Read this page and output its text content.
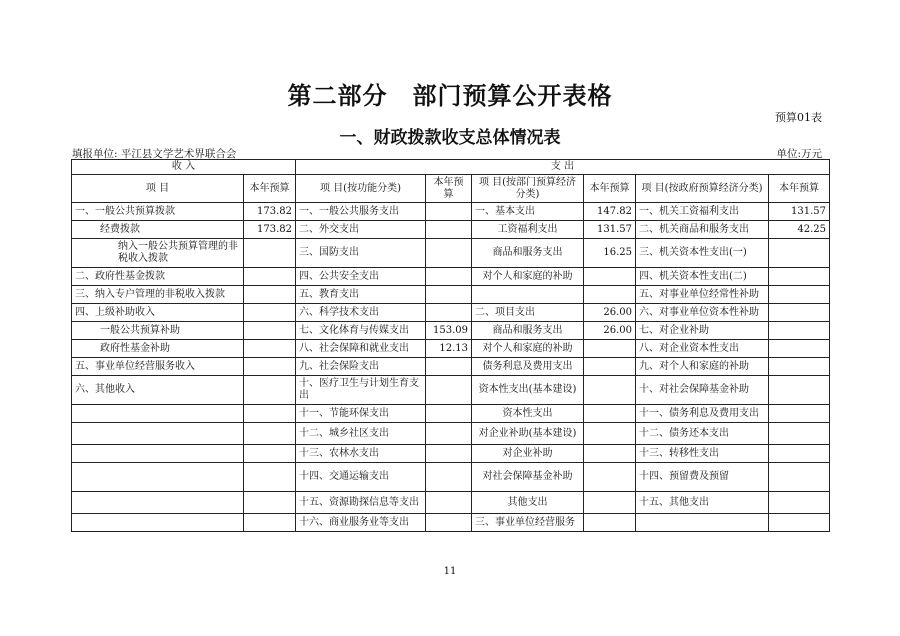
第二部分　部门预算公开表格
预算01表
一、财政拨款收支总体情况表
填报单位: 平江县文学艺术界联合会	单位:万元
收 入		支 出					
项 目	本年预算	项 目(按功能分类)	本年预算	项 目(按部门预算经济分类)	本年预算	项 目(按政府预算经济分类)	本年预算
一、一般公共预算拨款	173.82	一、一般公共服务支出		一、基本支出	147.82	一、机关工资福利支出	131.57
经费拨款	173.82	二、外交支出		工资福利支出	131.57	二、机关商品和服务支出	42.25
纳入一般公共预算管理的非税收入拨款		三、国防支出		商品和服务支出	16.25	三、机关资本性支出(一)	
二、政府性基金拨款		四、公共安全支出		对个人和家庭的补助		四、机关资本性支出(二)	
三、纳入专户管理的非税收入拨款		五、教育支出				五、对事业单位经常性补助	
四、上级补助收入		六、科学技术支出		二、项目支出	26.00	六、对事业单位资本性补助	
一般公共预算补助		七、文化体育与传媒支出	153.09	商品和服务支出	26.00	七、对企业补助	
政府性基金补助		八、社会保障和就业支出	12.13	对个人和家庭的补助		八、对企业资本性支出	
五、事业单位经营服务收入		九、社会保险支出		债务利息及费用支出		九、对个人和家庭的补助	
六、其他收入		十、医疗卫生与计划生育支出		资本性支出(基本建设)		十、对社会保障基金补助	
		十一、节能环保支出		资本性支出		十一、债务利息及费用支出	
		十二、城乡社区支出		对企业补助(基本建设)		十二、债务还本支出	
		十三、农林水支出		对企业补助		十三、转移性支出	
		十四、交通运输支出		对社会保障基金补助		十四、预留费及预留	
		十五、资源勘探信息等支出		其他支出		十五、其他支出	
		十六、商业服务业等支出		三、事业单位经营服务			
11
